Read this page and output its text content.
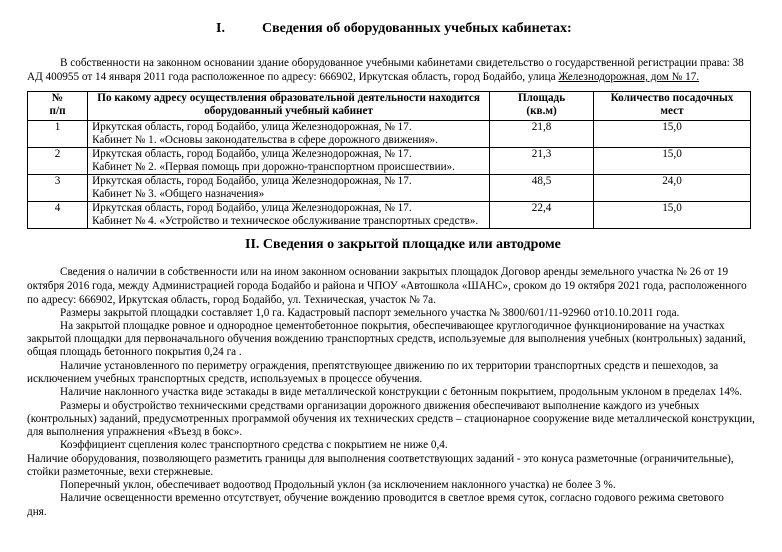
I.	Сведения об оборудованных учебных кабинетах:
В собственности на законном основании здание оборудованное учебными кабинетами свидетельство о государственной регистрации права: 38
АД 400955 от 14 января 2011 года расположенное по адресу: 666902, Иркутская область, город Бодайбо, улица Железнодорожная, дом № 17.
№
п/п	По какому адресу осуществления образовательной деятельности находится
оборудованный учебный кабинет	Площадь
(кв.м)	Количество посадочных
мест
1	Иркутская область, город Бодайбо, улица Железнодорожная, № 17.
Кабинет № 1. «Основы законодательства в сфере дорожного движения».	21,8	15,0
2	Иркутская область, город Бодайбо, улица Железнодорожная, № 17.
Кабинет № 2. «Первая помощь при дорожно-транспортном происшествии».	21,3	15,0
3	Иркутская область, город Бодайбо, улица Железнодорожная, № 17.
Кабинет № 3. «Общего назначения»	48,5	24,0
4	Иркутская область, город Бодайбо, улица Железнодорожная, № 17.
Кабинет № 4. «Устройство и техническое обслуживание транспортных средств».	22,4	15,0
II. Сведения о закрытой площадке или автодроме
Сведения о наличии в собственности или на ином законном основании закрытых площадок Договор аренды земельного участка № 26 от 19
октября 2016 года, между Администрацией города Бодайбо и района и ЧПОУ «Автошкола «ШАНС», сроком до 19 октября 2021 года, расположенного
по адресу: 666902, Иркутская область, город Бодайбо, ул. Техническая, участок № 7а.
Размеры закрытой площадки составляет 1,0 га. Кадастровый паспорт земельного участка № 3800/601/11-92960 от10.10.2011 года.
На закрытой площадке ровное и однородное цементобетонное покрытия, обеспечивающее круглогодичное функционирование на участках
закрытой площадки для первоначального обучения вождению транспортных средств, используемые для выполнения учебных (контрольных) заданий,
общая площадь бетонного покрытия 0,24 га .
Наличие установленного по периметру ограждения, препятствующее движению по их территории транспортных средств и пешеходов, за
исключением учебных транспортных средств, используемых в процессе обучения.
Наличие наклонного участка виде эстакады в виде металлической конструкции с бетонным покрытием, продольным уклоном в пределах 14%.
Размеры и обустройство техническими средствами организации дорожного движения обеспечивают выполнение каждого из учебных
(контрольных) заданий, предусмотренных программой обучения их технических средств – стационарное сооружение виде металлической конструкции,
для выполнения упражнения «Въезд в бокс».
Коэффициент сцепления колес транспортного средства с покрытием не ниже 0,4.
Наличие оборудования, позволяющего разметить границы для выполнения соответствующих заданий - это конуса разметочные (ограничительные),
стойки разметочные, вехи стержневые.
Поперечный уклон, обеспечивает водоотвод Продольный уклон (за исключением наклонного участка) не более 3 %.
Наличие освещенности временно отсутствует, обучение вождению проводится в светлое время суток, согласно годового режима светового
дня.
